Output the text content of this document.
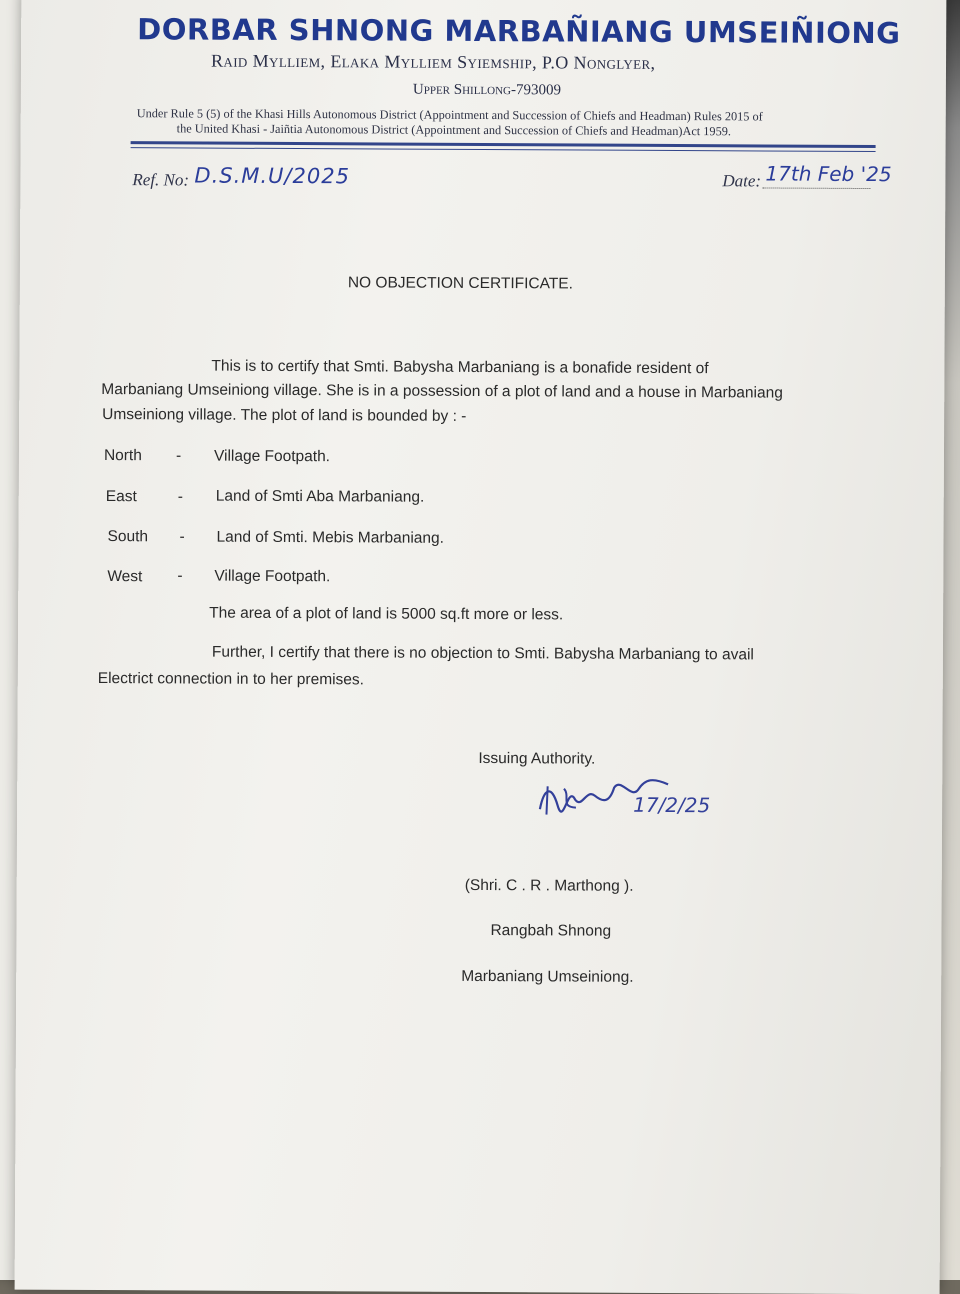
DORBAR SHNONG MARBAÑIANG UMSEIÑIONG
Raid Mylliem, Elaka Mylliem Syiemship, P.O Nonglyer,
Upper Shillong-793009
Under Rule 5 (5) of the Khasi Hills Autonomous District (Appointment and Succession of Chiefs and Headman) Rules 2015 of
the United Khasi - Jaiñtia Autonomous District (Appointment and Succession of Chiefs and Headman)Act 1959.
Ref. No: D.S.M.U/2025	Date: 17th Feb '25
NO OBJECTION CERTIFICATE.
This is to certify that Smti. Babysha Marbaniang is a bonafide resident of
Marbaniang Umseiniong village. She is in a possession of a plot of land and a house in Marbaniang
Umseiniong village. The plot of land is bounded by : -
North - Village Footpath.
East	- Land of Smti Aba Marbaniang.
South - Land of Smti. Mebis Marbaniang.
West - Village Footpath.
The area of a plot of land is 5000 sq.ft more or less.
Further, I certify that there is no objection to Smti. Babysha Marbaniang to avail
Electrict connection in to her premises.
Issuing Authority.
17/2/25
(Shri. C . R . Marthong ).
Rangbah Shnong
Marbaniang Umseiniong.
